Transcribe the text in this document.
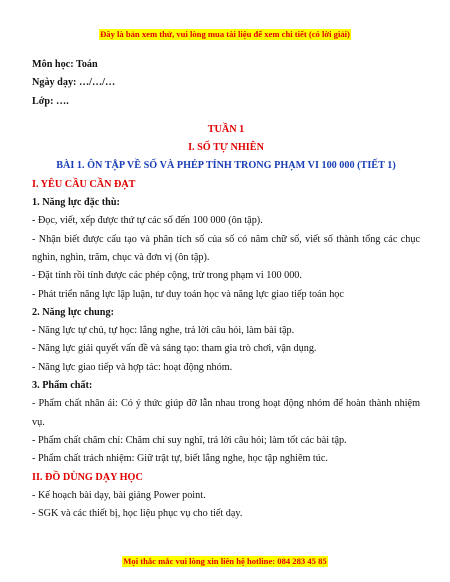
Đây là bản xem thử, vui lòng mua tài liệu để xem chi tiết (có lời giải)

Môn học: Toán

Ngày dạy: …/…/…

Lớp: ….

TUẦN 1

I. SỐ TỰ NHIÊN

BÀI 1. ÔN TẬP VỀ SỐ VÀ PHÉP TÍNH TRONG PHẠM VI 100 000 (TIẾT 1)

I. YÊU CẦU CẦN ĐẠT

1. Năng lực đặc thù:

- Đọc, viết, xếp được thứ tự các số đến 100 000 (ôn tập).

- Nhận biết được cấu tạo và phân tích số của số có năm chữ số, viết số thành tổng các chục nghìn, nghìn, trăm, chục và đơn vị (ôn tập).

- Đặt tính rồi tính được các phép cộng, trừ trong phạm vi 100 000.

- Phát triển năng lực lập luận, tư duy toán học và năng lực giao tiếp toán học

2. Năng lực chung:

- Năng lực tự chủ, tự học: lắng nghe, trả lời câu hỏi, làm bài tập.

- Năng lực giải quyết vấn đề và sáng tạo: tham gia trò chơi, vận dụng.

- Năng lực giao tiếp và hợp tác: hoạt động nhóm.

3. Phẩm chất:

- Phẩm chất nhân ái: Có ý thức giúp đỡ lẫn nhau trong hoạt động nhóm để hoàn thành nhiệm vụ.

- Phẩm chất chăm chỉ: Chăm chỉ suy nghĩ, trả lời câu hỏi; làm tốt các bài tập.

- Phẩm chất trách nhiệm: Giữ trật tự, biết lắng nghe, học tập nghiêm túc.

II. ĐỒ DÙNG DẠY HỌC

- Kế hoạch bài dạy, bài giảng Power point.

- SGK và các thiết bị, học liệu phục vụ cho tiết dạy.

Mọi thắc mắc vui lòng xin liên hệ hotline: 084 283 45 85
